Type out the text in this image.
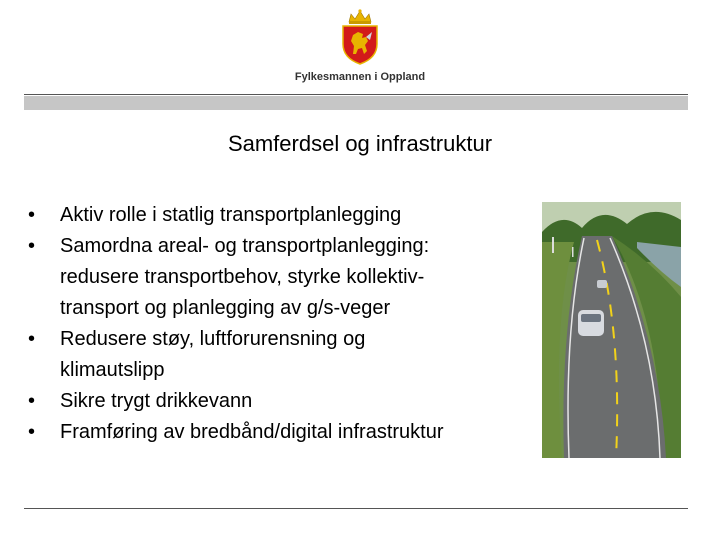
Fylkesmannen i Oppland
Samferdsel og infrastruktur
•	Aktiv rolle i statlig transportplanlegging
•	Samordna areal- og transportplanlegging:
redusere transportbehov, styrke kollektiv-
transport og planlegging av g/s-veger
•	Redusere støy, luftforurensning og
klimautslipp
•	Sikre trygt drikkevann
•	Framføring av bredbånd/digital infrastruktur
